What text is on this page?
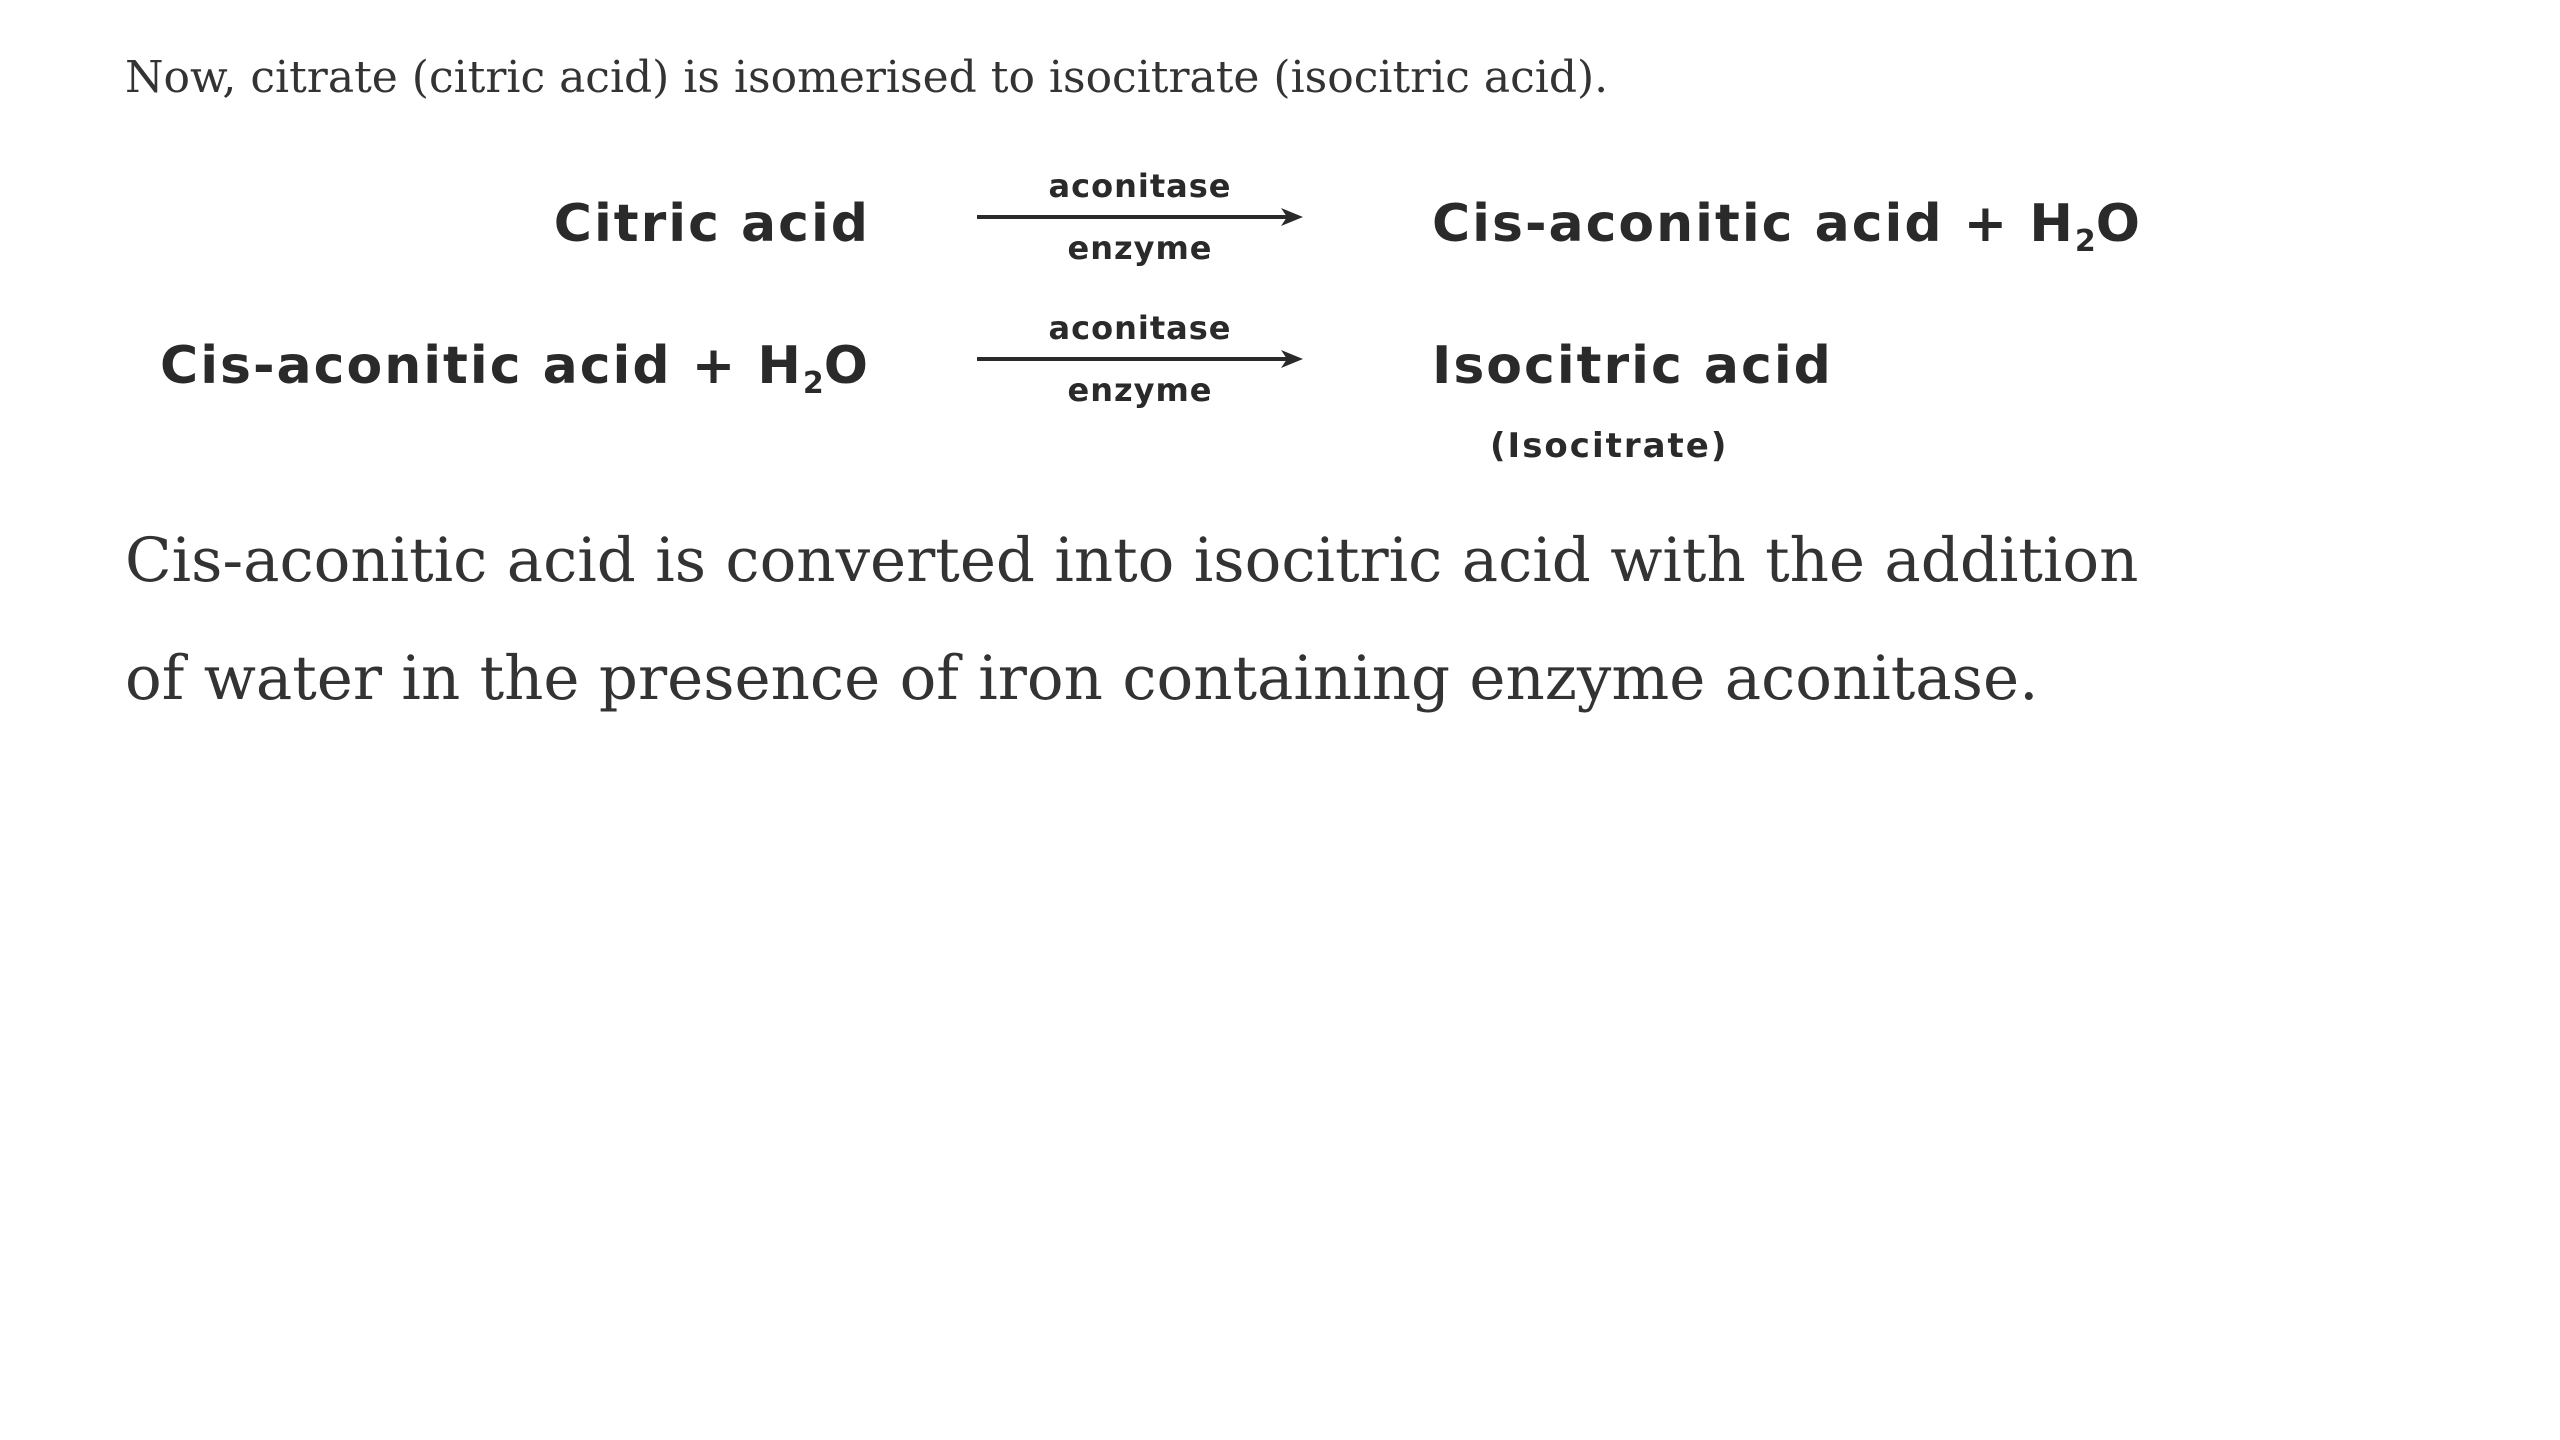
Now, citrate (citric acid) is isomerised to isocitrate (isocitric acid).

Citric acid
aconitase
enzyme	Cis-aconitic acid + $H_2O$
Cis-aconitic acid + $H_2O$
aconitase
enzyme	Isocitric acid
(Isocitrate)

Cis-aconitic acid is converted into isocitric acid with the addition of water in the presence of iron containing enzyme aconitase.
